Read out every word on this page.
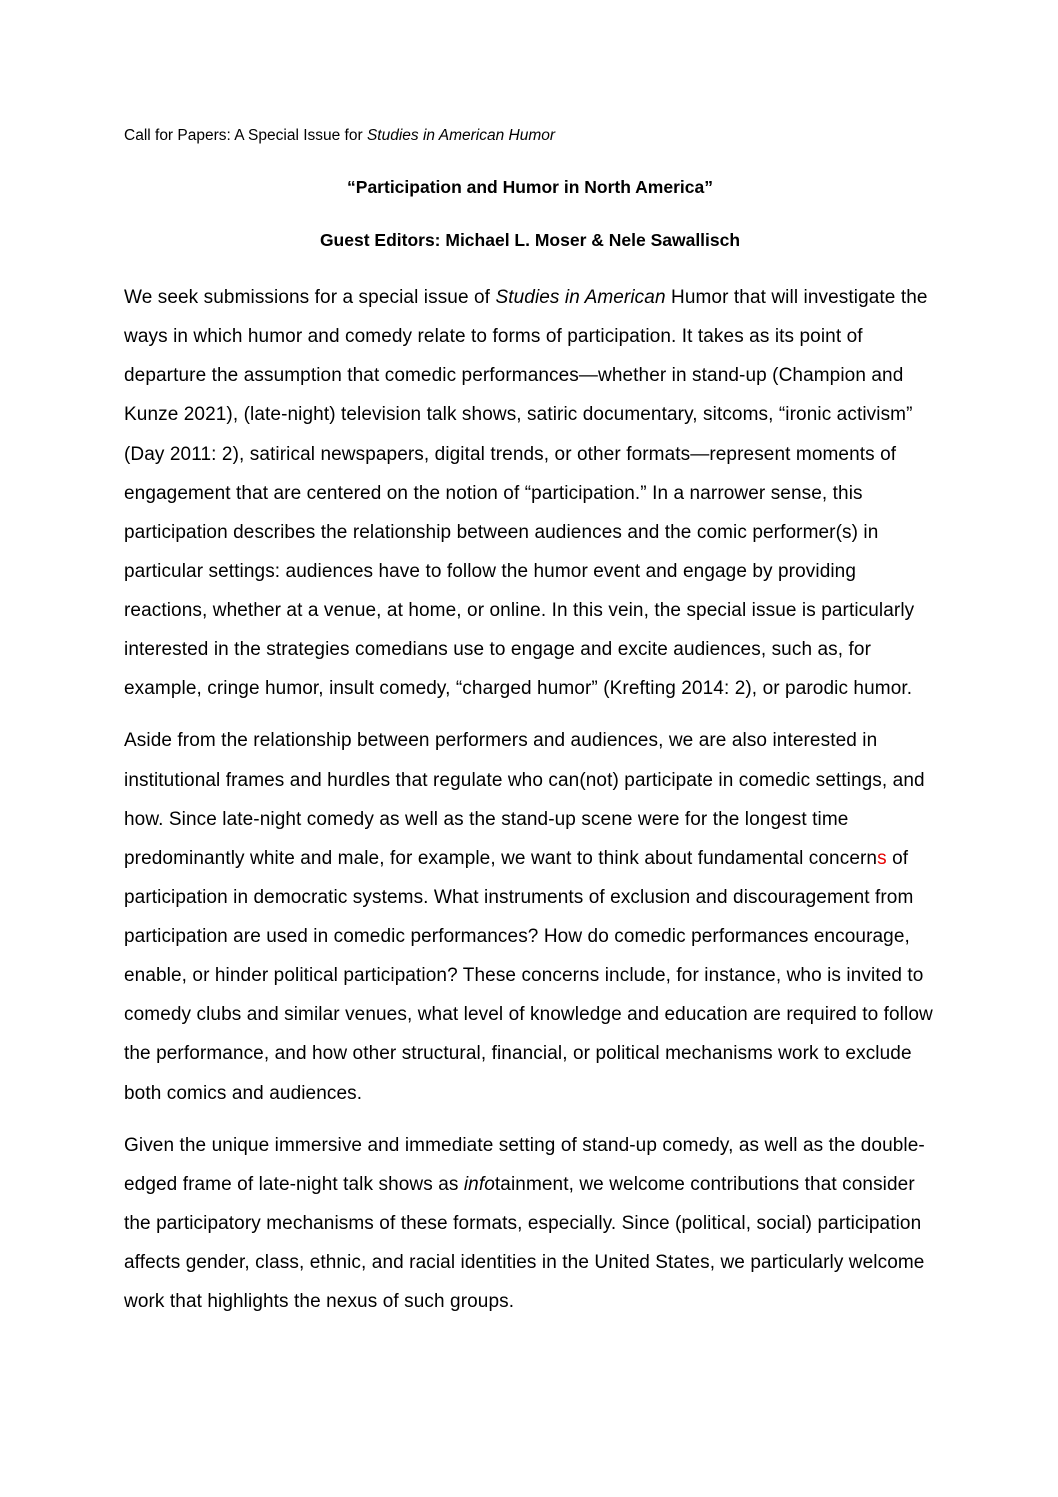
Call for Papers: A Special Issue for Studies in American Humor

“Participation and Humor in North America”

Guest Editors: Michael L. Moser & Nele Sawallisch

We seek submissions for a special issue of Studies in American Humor that will investigate the ways in which humor and comedy relate to forms of participation. It takes as its point of departure the assumption that comedic performances—whether in stand-up (Champion and Kunze 2021), (late-night) television talk shows, satiric documentary, sitcoms, “ironic activism” (Day 2011: 2), satirical newspapers, digital trends, or other formats—represent moments of engagement that are centered on the notion of “participation.” In a narrower sense, this participation describes the relationship between audiences and the comic performer(s) in particular settings: audiences have to follow the humor event and engage by providing reactions, whether at a venue, at home, or online. In this vein, the special issue is particularly interested in the strategies comedians use to engage and excite audiences, such as, for example, cringe humor, insult comedy, “charged humor” (Krefting 2014: 2), or parodic humor.

Aside from the relationship between performers and audiences, we are also interested in institutional frames and hurdles that regulate who can(not) participate in comedic settings, and how. Since late-night comedy as well as the stand-up scene were for the longest time predominantly white and male, for example, we want to think about fundamental concerns of participation in democratic systems. What instruments of exclusion and discouragement from participation are used in comedic performances? How do comedic performances encourage, enable, or hinder political participation? These concerns include, for instance, who is invited to comedy clubs and similar venues, what level of knowledge and education are required to follow the performance, and how other structural, financial, or political mechanisms work to exclude both comics and audiences.

Given the unique immersive and immediate setting of stand-up comedy, as well as the double-edged frame of late-night talk shows as infotainment, we welcome contributions that consider the participatory mechanisms of these formats, especially. Since (political, social) participation affects gender, class, ethnic, and racial identities in the United States, we particularly welcome work that highlights the nexus of such groups.
